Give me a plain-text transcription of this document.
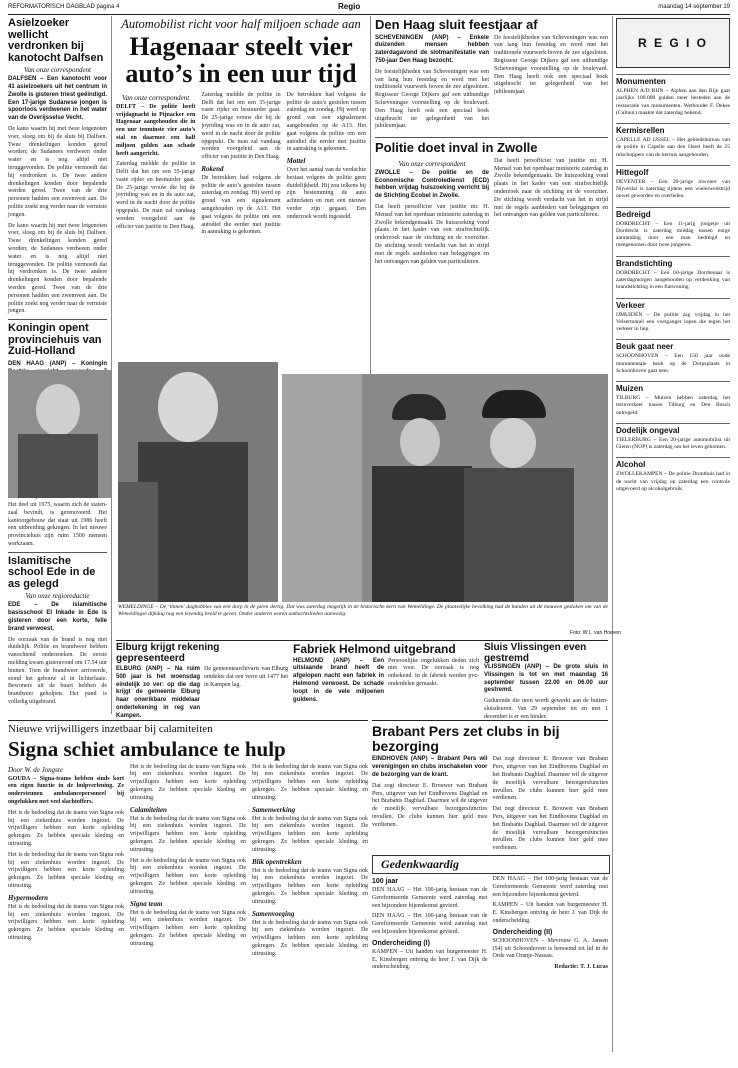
REFORMATORISCH DAGBLAD pagina 4	Regio	maandag 14 september 19
Asielzoeker wellicht verdronken bij kanotocht Dalfsen

Van onze correspondent

DALFSEN – Een kanotocht voor 41 asielzoekers uit het centrum in Zwolle is gisteren triest geëindigd. Een 17-jarige Sudanese jongen is spoorloos verdwenen in het water van de Overijsselse Vecht.

De kano waarin hij met twee lotgenoten voer, sloeg om bij de sluis bij Dalfsen. Twee drenkelingen konden gered worden; de Sudanees verdween onder water en is nog altijd niet teruggevonden. De politie vermoedt dat hij verdronken is. De twee andere drenkelingen konden door bepalende werden gered. Twee van de drie personen hadden een zwemvest aan. De politie zoekt nog verder naar de vermiste jongen.

De kano waarin hij met twee lotgenoten voer, sloeg om bij de sluis bij Dalfsen. Twee drenkelingen konden gered worden; de Sudanees verdween onder water en is nog altijd niet teruggevonden. De politie vermoedt dat hij verdronken is. De twee andere drenkelingen konden door bepalende werden gered. Twee van de drie personen hadden een zwemvest aan. De politie zoekt nog verder naar de vermiste jongen.

Koningin opent provinciehuis van Zuid-Holland

DEN HAAG (ANP) – Koningin

Het deel uit 1975, waarin zich de statenzaal bevindt, is gerenoveerd. Het kantoorgebouw dat staat uit 1986 heeft een uitbreiding gekregen. In het nieuwe provinciehuis zijn ruim 1500 mensen werkzaam.

Islamitische school Ede in de as gelegd

Van onze regioredactie

EDE – De islamitische basisschool El Inkade in Ede is gisteren door een korte, felle brand verwoest.

De oorzaak van de brand is nog niet duidelijk. Politie en brandweer hebben vanochtend onderzoeken. De eerste melding kwam gisteravond om 17.54 uur binnen. Toen de brandweer arriveerde, stond het gebouw al in lichterlaaie. Bewoners uit de buurt hebben de brandweer geholpen. Het pand is volledig uitgebrand.

Automobilist richt voor half miljoen schade aan

Hagenaar steelt vier auto’s in een uur tijd

Van onze correspondent

DELFT – De politie heeft vrijdagnacht in Pijnacker een Hagenaar aangehouden die in een uur tenminste vier auto’s stal en daarmee een half miljoen gulden aan schade heeft aangericht.

Zaterdag meldde de politie in Delft dat het om een 35-jarige vaste rijder en bestuurder gaat. De 25-jarige vrouw die bij de joyriding was en in de auto zat, werd in de nacht door de politie opgepakt. De man zal vandaag worden voorgeleid aan de officier van justitie in Den Haag.

Zaterdag meldde de politie in Delft dat het om een 35-jarige vaste rijder en bestuurder gaat. De 25-jarige vrouw die bij de joyriding was en in de auto zat, werd in de nacht door de politie opgepakt. De man zal vandaag worden voorgeleid aan de officier van justitie in Den Haag.

Rokend

De betrokken had volgens de politie de auto’s gestolen tussen zaterdag en zondag. Hij werd op grond van een signalement aangehouden op de A13. Het gaat volgens de politie om een autodief die eerder met justitie in aanraking is gekomen.

De betrokken had volgens de politie de auto’s gestolen tussen zaterdag en zondag. Hij werd op grond van een signalement aangehouden op de A13. Het gaat volgens de politie om een autodief die eerder met justitie in aanraking is gekomen.

Mottel

Over het aantal van de verdachte bestaat volgens de politie geen duidelijkheid. Hij zou telkens bij zijn bestemming de auto achterlaten en met een nieuwe verder zijn gegaan. Een onderzoek wordt ingesteld.

Den Haag sluit feestjaar af

SCHEVENINGEN (ANP) – Enkele duizenden mensen hebben zaterdagavond de slotmanifestatie van 750-jaar Den Haag bezocht.

De feestelijkheden van Scheveningen was een van lang hun feestdag en werd met het traditionele vuurwerk boven de zee afgesloten. Regisseur George Dijkers gaf een uitbundige Scheveningse voorstelling op de boulevard. Den Haag heeft ook een speciaal boek uitgebracht ter gelegenheid van het jubileumjaar.

De feestelijkheden van Scheveningen was een van lang hun feestdag en werd met het traditionele vuurwerk boven de zee afgesloten. Regisseur George Dijkers gaf een uitbundige Scheveningse voorstelling op de boulevard. Den Haag heeft ook een speciaal boek uitgebracht ter gelegenheid van het jubileumjaar.

Politie doet inval in Zwolle

Van onze correspondent

ZWOLLE – De politie en de Economische Controledienst (ECD) hebben vrijdag huiszoeking verricht bij de Stichting Ecobel in Zwolle.

Dat heeft persofficier van justitie mr. H. Mensel van het openbaar ministerie zaterdag in Zwolle bekendgemaakt. De huiszoeking vond plaats in het kader van een strafrechtelijk onderzoek naar de stichting en de voorzitter. De stichting wordt verdacht van het in strijd met de regels aanbieden van beleggingen en het ontvangen van gelden van particulieren.

Dat heeft persofficier van justitie mr. H. Mensel van het openbaar ministerie zaterdag in Zwolle bekendgemaakt. De huiszoeking vond plaats in het kader van een strafrechtelijk onderzoek naar de stichting en de voorzitter. De stichting wordt verdacht van het in strijd met de regels aanbieden van beleggingen en het ontvangen van gelden van particulieren.

WEMELDINGE – De ‘tinnen’ daghobbies van een dorp in de jaren dertig. Dat was zaterdag mogelijk in de historische kern van Wemeldinge. De plaatselijke bevolking had de handen uit de mouwen gestoken om van de Wemeldingse dijkdag nog een levendig beeld te geven. Onder anderen waren ambachtslieden aanwezig.

Foto: W.L. van Hoeven
R E G I O
Monumenten

ALPHEN A/D RIJN – Alphen aan den Rijn gaat jaarlijks 100.000 gulden meer besteden aan de restauratie van monumenten. Wethouder F. Dekes (Cultuur) maakte dat zaterdag bekend.

Kermisrellen

CAPELLE AD IJSSEL – Het gebiedsbureau van de politie in Capelle aan den IJssel heeft de 25 relschoppers van de kermis aangehouden.

Hittegolf

DEVENTER – Een 20-jarige inwoner van Nijverdal is zaterdag tijdens een wielerwedstrijd onwel geworden en overleden.

Bedreigd

DORDRECHT – Een 11-jarig jongetje uit Dordrecht is zaterdag middag tussen enige aanranding door een man bedreigd en meegenomen door twee jongeren.

Brandstichting

DORDRECHT – Een 60-jarige Dordtenaar is zaterdagmorgen aangehouden op verdenking van brandstichting in een flatwoning.

Verkeer

IJMUIDEN – De politie zag vrijdag in het Velsertunnel een voetganger lopen die tegen het verkeer in liep.

Beuk gaat neer

SCHOONHOVEN – Een 150 jaar oude monumentale beuk op de Dorpsplaats in Schoonhoven gaat neer.

Muizen

TILBURG – Muizen hebben zaterdag het treinverkeer tussen Tilburg en Den Bosch ontregeld.

Dodelijk ongeval

TIELERBURG – Een 20-jarige automobilist uit Gieten (NOP) is zaterdag om het leven gekomen.

Alcohol

ZWOLLEKAMPEN – De politie Dronthuis had in de nacht van vrijdag op zaterdag een controle uitgevoerd op alcoholgebruik.

Elburg krijgt rekening gepresenteerd

ELBURG (ANP) – Na ruim 500 jaar is het woensdag eindelijk zo ver: op die dag krijgt de gemeente Elburg haar onwrikbare middelaar ondertekening in reg van Kampen.

De gemeentearchivaris van Elburg ontdekte dat een verre uit 1477 het in Kampen lag.

Fabriek Helmond uitgebrand

HELMOND (ANP) – Een uitslaande brand heeft de afgelopen nacht een fabriek in Helmond verwoest. De schade loopt in de vele miljoenen guldens.

Persoonlijke ongelukken deden zich niet voor. De oorzaak is nog onbekend. In de fabriek werden pvc-onderdelen gemaakt.

Sluis Vlissingen even gestremd

VLISSINGEN (ANP) – De grote sluis in Vlissingen is tot en met maandag 16 september tussen 22.00 en 06.00 uur gestremd.

Gedurende die uren wordt gewerkt aan de buitensluisdeuren. Van 29 september tot en met 1 december is er een hinder.

Nieuwe vrijwilligers inzetbaar bij calamiteiten

Signa schiet ambulance te hulp

Door W. de Jongste

GOUDA – Signa-teams hebben sinds kort een eigen functie in de hulpverlening. Ze ondersteunen ambulancepersoneel bij ongelukken met veel slachtoffers.

Het is de bedoeling dat de teams van Signa ook bij een ziekenhuis worden ingezet. De vrijwilligers hebben een korte opleiding gekregen. Ze hebben speciale kleding en uitrusting.

Het is de bedoeling dat de teams van Signa ook bij een ziekenhuis worden ingezet. De vrijwilligers hebben een korte opleiding gekregen. Ze hebben speciale kleding en uitrusting.

Hypermodern

Het is de bedoeling dat de teams van Signa ook bij een ziekenhuis worden ingezet. De vrijwilligers hebben een korte opleiding gekregen. Ze hebben speciale kleding en uitrusting.

Het is de bedoeling dat de teams van Signa ook bij een ziekenhuis worden ingezet. De vrijwilligers hebben een korte opleiding gekregen. Ze hebben speciale kleding en uitrusting.

Calamiteiten

Het is de bedoeling dat de teams van Signa ook bij een ziekenhuis worden ingezet. De vrijwilligers hebben een korte opleiding gekregen. Ze hebben speciale kleding en uitrusting.

Het is de bedoeling dat de teams van Signa ook bij een ziekenhuis worden ingezet. De vrijwilligers hebben een korte opleiding gekregen. Ze hebben speciale kleding en uitrusting.

Signa team

Het is de bedoeling dat de teams van Signa ook bij een ziekenhuis worden ingezet. De vrijwilligers hebben een korte opleiding gekregen. Ze hebben speciale kleding en uitrusting.

Het is de bedoeling dat de teams van Signa ook bij een ziekenhuis worden ingezet. De vrijwilligers hebben een korte opleiding gekregen. Ze hebben speciale kleding en uitrusting.

Samenwerking

Het is de bedoeling dat de teams van Signa ook bij een ziekenhuis worden ingezet. De vrijwilligers hebben een korte opleiding gekregen. Ze hebben speciale kleding en uitrusting.

Blik opentrekken

Het is de bedoeling dat de teams van Signa ook bij een ziekenhuis worden ingezet. De vrijwilligers hebben een korte opleiding gekregen. Ze hebben speciale kleding en uitrusting.

Samenvoeging

Het is de bedoeling dat de teams van Signa ook bij een ziekenhuis worden ingezet. De vrijwilligers hebben een korte opleiding gekregen. Ze hebben speciale kleding en uitrusting.

Brabant Pers zet clubs in bij bezorging

EINDHOVEN (ANP) – Brabant Pers wil verenigingen en clubs inschakelen voor de bezorging van de krant.

Dat zegt directeur E. Brouwer van Brabant Pers, uitgever van het Eindhovens Dagblad en het Brabants Dagblad. Daarmee wil de uitgever de moeilijk vervulbare bezorgersfuncties invullen. De clubs kunnen hier geld mee verdienen.

Dat zegt directeur E. Brouwer van Brabant Pers, uitgever van het Eindhovens Dagblad en het Brabants Dagblad. Daarmee wil de uitgever de moeilijk vervulbare bezorgersfuncties invullen. De clubs kunnen hier geld mee verdienen.

Dat zegt directeur E. Brouwer van Brabant Pers, uitgever van het Eindhovens Dagblad en het Brabants Dagblad. Daarmee wil de uitgever de moeilijk vervulbare bezorgersfuncties invullen. De clubs kunnen hier geld mee verdienen.

Gedenkwaardig

100 jaar

DEN HAAG – Het 100-jarig bestaan van de Gereformeerde Gemeente werd zaterdag met een bijzondere bijeenkomst gevierd.

DEN HAAG – Het 100-jarig bestaan van de Gereformeerde Gemeente werd zaterdag met een bijzondere bijeenkomst gevierd.

Ondercheiding (I)

KAMPEN – Uit handen van burgemeester H. E. Kinsbergen ontving de heer J. van Dijk de onderscheiding.

DEN HAAG – Het 100-jarig bestaan van de Gereformeerde Gemeente werd zaterdag met een bijzondere bijeenkomst gevierd.

KAMPEN – Uit handen van burgemeester H. E. Kinsbergen ontving de heer J. van Dijk de onderscheiding.

Ondercheiding (II)

SCHOONHOVEN – Mevrouw G. A. Jansen (54) uit Schoonhoven is benoemd tot lid in de Orde van Oranje-Nassau.

Redactie: T. J. Lucas
